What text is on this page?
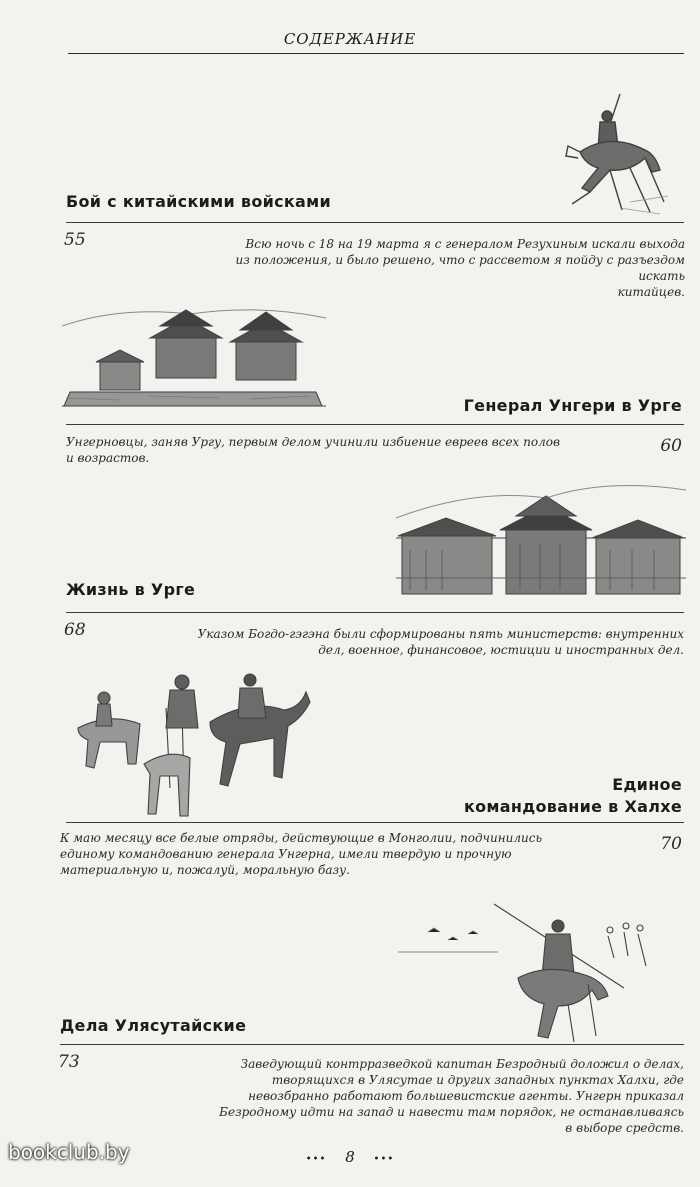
СОДЕРЖАНИЕ
Бой с китайскими войсками
55	Всю ночь с 18 на 19 марта я с генералом Резухиным искали выхода
из положения, и было решено, что с рассветом я пойду с разъездом искать
китайцев.
Генерал Унгери в Урге
Унгерновцы, заняв Ургу, первым делом учинили избиение евреев всех полов
и возрастов.
60
Жизнь в Урге
68	Указом Богдо-гэгэна были сформированы пять министерств: внутренних
дел, военное, финансовое, юстиции и иностранных дел.
Единое
командование в Халхе
К маю месяцу все белые отряды, действующие в Монголии, подчинились
единому командованию генерала Унгерна, имели твердую и прочную
материальную и, пожалуй, моральную базу.
70
Дела Улясутайские
73	Заведующий контрразведкой капитан Безродный доложил о делах,
творящихся в Улясутае и других западных пунктах Халхи, где
невозбранно работают большевистские агенты. Унгерн приказал
Безродному идти на запад и навести там порядок, не останавливаясь
в выборе средств.
••• 8 •••
bookclub.by
